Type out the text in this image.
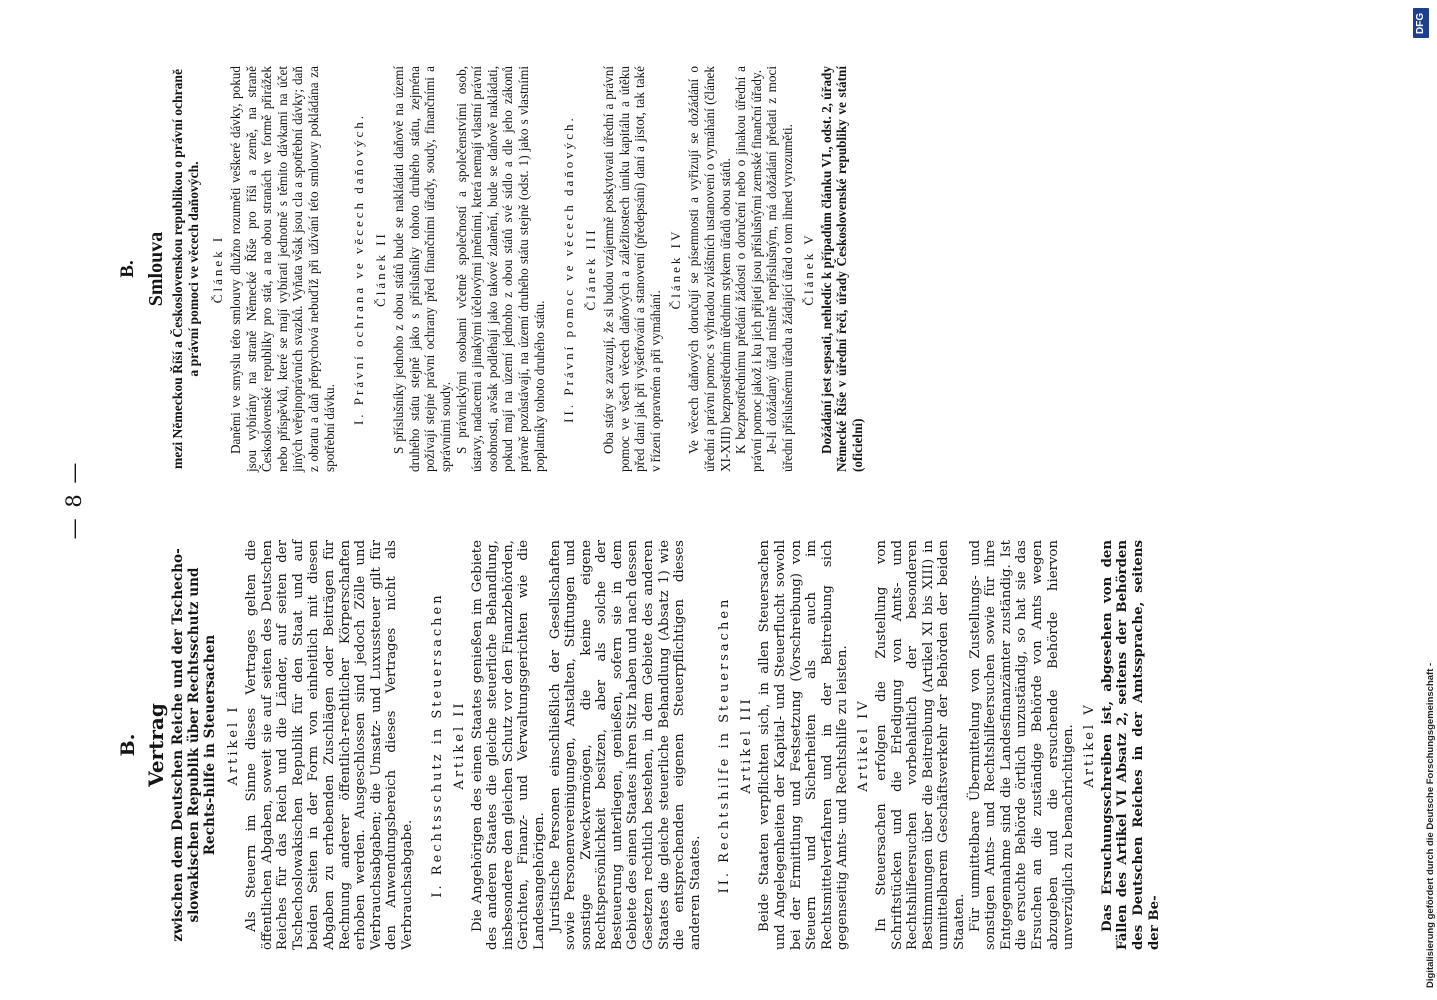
— 8 —
B. Vertrag zwischen dem Deutschen Reiche und der Tschecho-slowakischen Republik über Rechtsschutz und Rechts-hilfe in Steuersachen Artikel I Als Steuern im Sinne dieses Vertrages gelten die öffentlichen Abgaben, soweit sie auf seiten des Deutschen Reiches für das Reich und die Länder, auf seiten der Tschechoslowakischen Republik für den Staat und auf beiden Seiten in der Form von einheitlich mit diesen Abgaben zu erhebenden Zuschlägen oder Beiträgen für Rechnung anderer öffentlich-rechtlicher Körperschaften erhoben werden. Ausgeschlossen sind jedoch Zölle und Verbrauchsabgaben; die Umsatz- und Luxussteuer gilt für den Anwendungsbereich dieses Vertrages nicht als Verbrauchsabgabe. I. Rechtsschutz in Steuersachen Artikel II Die Angehörigen des einen Staates genießen im Gebiete des anderen Staates die gleiche steuerliche Behandlung, insbesondere den gleichen Schutz vor den Finanzbehörden, Gerichten, Finanz- und Verwaltungsgerichten wie die Landesangehörigen. Juristische Personen einschließlich der Gesellschaften sowie Personenvereinigungen, Anstalten, Stiftungen und sonstige Zweckvermögen, die keine eigene Rechtspersönlichkeit besitzen, aber als solche der Besteuerung unterliegen, genießen, sofern sie in dem Gebiete des einen Staates ihren Sitz haben und nach dessen Gesetzen rechtlich bestehen, in dem Gebiete des anderen Staates die gleiche steuerliche Behandlung (Absatz 1) wie die entsprechenden eigenen Steuerpflichtigen dieses anderen Staates. II. Rechtshilfe in Steuersachen Artikel III Beide Staaten verpflichten sich, in allen Steuersachen und Angelegenheiten der Kapital- und Steuerflucht sowohl bei der Ermittlung und Festsetzung (Vorschreibung) von Steuern und Sicherheiten als auch im Rechtsmittelverfahren und in der Beitreibung sich gegenseitig Amts- und Rechtshilfe zu leisten. Artikel IV In Steuersachen erfolgen die Zustellung von Schriftstücken und die Erledigung von Amts- und Rechtshilfeersuchen vorbehaltlich der besonderen Bestimmungen über die Beitreibung (Artikel XI bis XIII) in unmittelbarem Geschäftsverkehr der Behörden der beiden Staaten. Für unmittelbare Übermittelung von Zustellungs- und sonstigen Amts- und Rechtshilfeersuchen sowie für ihre Entgegennahme sind die Landesfinanzämter zuständig. Ist die ersuchte Behörde örtlich unzuständig, so hat sie das Ersuchen an die zuständige Behörde von Amts wegen abzugeben und die ersuchende Behörde hiervon unverzüglich zu benachrichtigen. Artikel V Das Ersuchungsschreiben ist, abgesehen von den Fällen des Artikel VI Absatz 2, seitens der Behörden des Deutschen Reiches in der Amtssprache, seitens der Be-

B. Smlouva mezi Německou Říší a Československou republikou o právní ochraně a právní pomoci ve věcech daňových. Článek I Daněmi ve smyslu této smlouvy dlužno rozuměti veškeré dávky, pokud jsou vybírány na straně Německé Říše pro říši a země, na straně Československé republiky pro stát, a na obou stranách ve formě přirážek nebo příspěvků, které se mají vybírati jednotně s těmito dávkami na účet jiných veřejnoprávních svazků. Vyňata však jsou cla a spotřební dávky; daň z obratu a daň přepychová nebuďiž při užívání této smlouvy pokládána za spotřební dávku.

I. Právní ochrana ve věcech daňových. Článek II S příslušníky jednoho z obou států bude se nakládati daňově na území druhého státu stejně jako s příslušníky tohoto druhého státu, zejména požívají stejné právní ochrany před finančními úřady, soudy, finančními a správními soudy. S právnickými osobami včetně společností a společenstvími osob, ústavy, nadacemi a jinakými účelovými jměními, která nemají vlastní právní osobnosti, avšak podléhají jako takové zdanění, bude se daňově nakládati, pokud mají na území jednoho z obou států své sídlo a dle jeho zákonů právně pozůstávají, na území druhého státu stejně (odst. 1) jako s vlastními poplatníky tohoto druhého státu. II. Právní pomoc ve věcech daňových. Článek III Oba státy se zavazují, že si budou vzájemně poskytovati úřední a právní pomoc ve všech věcech daňových a záležitostech úniku kapitálu a útěku před daní jak při vyšetřování a stanovení (předepsání) daní a jistot, tak také v řízení opravném a při vymáhání.

Článek IV Ve věcech daňových doručují se písemnosti a vyřizují se dožádání o úřední a právní pomoc s výhradou zvláštních ustanovení o vymáhání (článek XI-XIII) bezprostředním úředním stykem úřadů obou států. K bezprostřednímu předání žádosti o doručení nebo o jinakou úřední a právní pomoc jakož i ku jich přijetí jsou příslušnými zemské finanční úřady. Je-li dožádaný úřad místně nepříslušným, má dožádání předati z moci úřední příslušnému úřadu a žádající úřad o tom ihned vyrozuměti. Článek V Dožádání jest sepsati, nehledíc k případům článku VI., odst. 2, úřady Německé Říše v úřední řeči, úřady Československé republiky ve státní (oficielní)

DFG
Digitalisierung gefördert durch die Deutsche Forschungsgemeinschaft -
